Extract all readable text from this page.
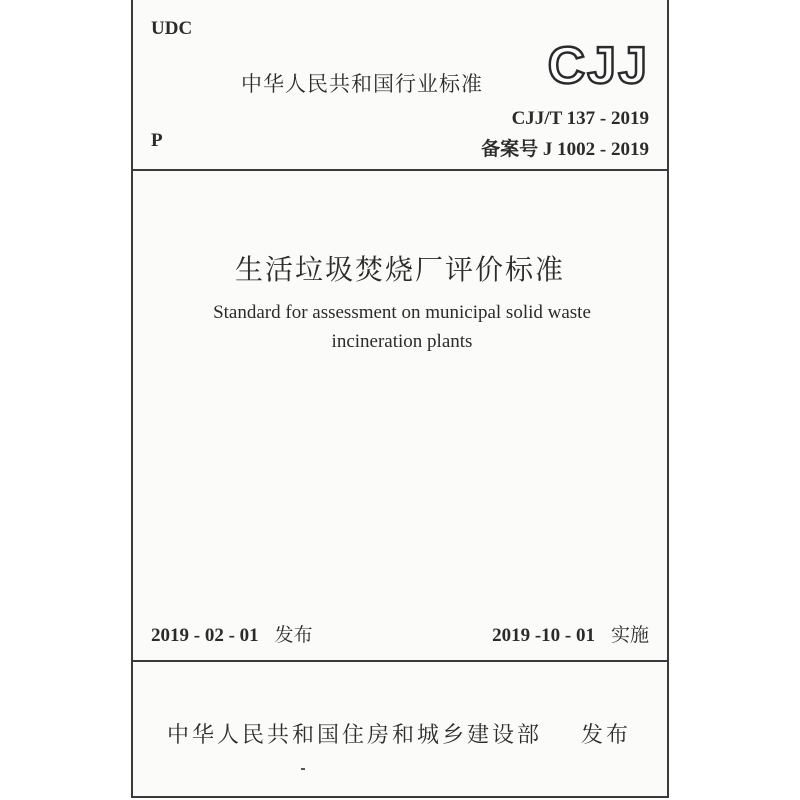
UDC
中华人民共和国行业标准 CJJ
P
CJJ/T 137 - 2019
备案号 J 1002 - 2019
生活垃圾焚烧厂评价标准
Standard for assessment on municipal solid waste
incineration plants
2019 - 02 - 01 发布	2019 -10 - 01 实施
中华人民共和国住房和城乡建设部 发布
